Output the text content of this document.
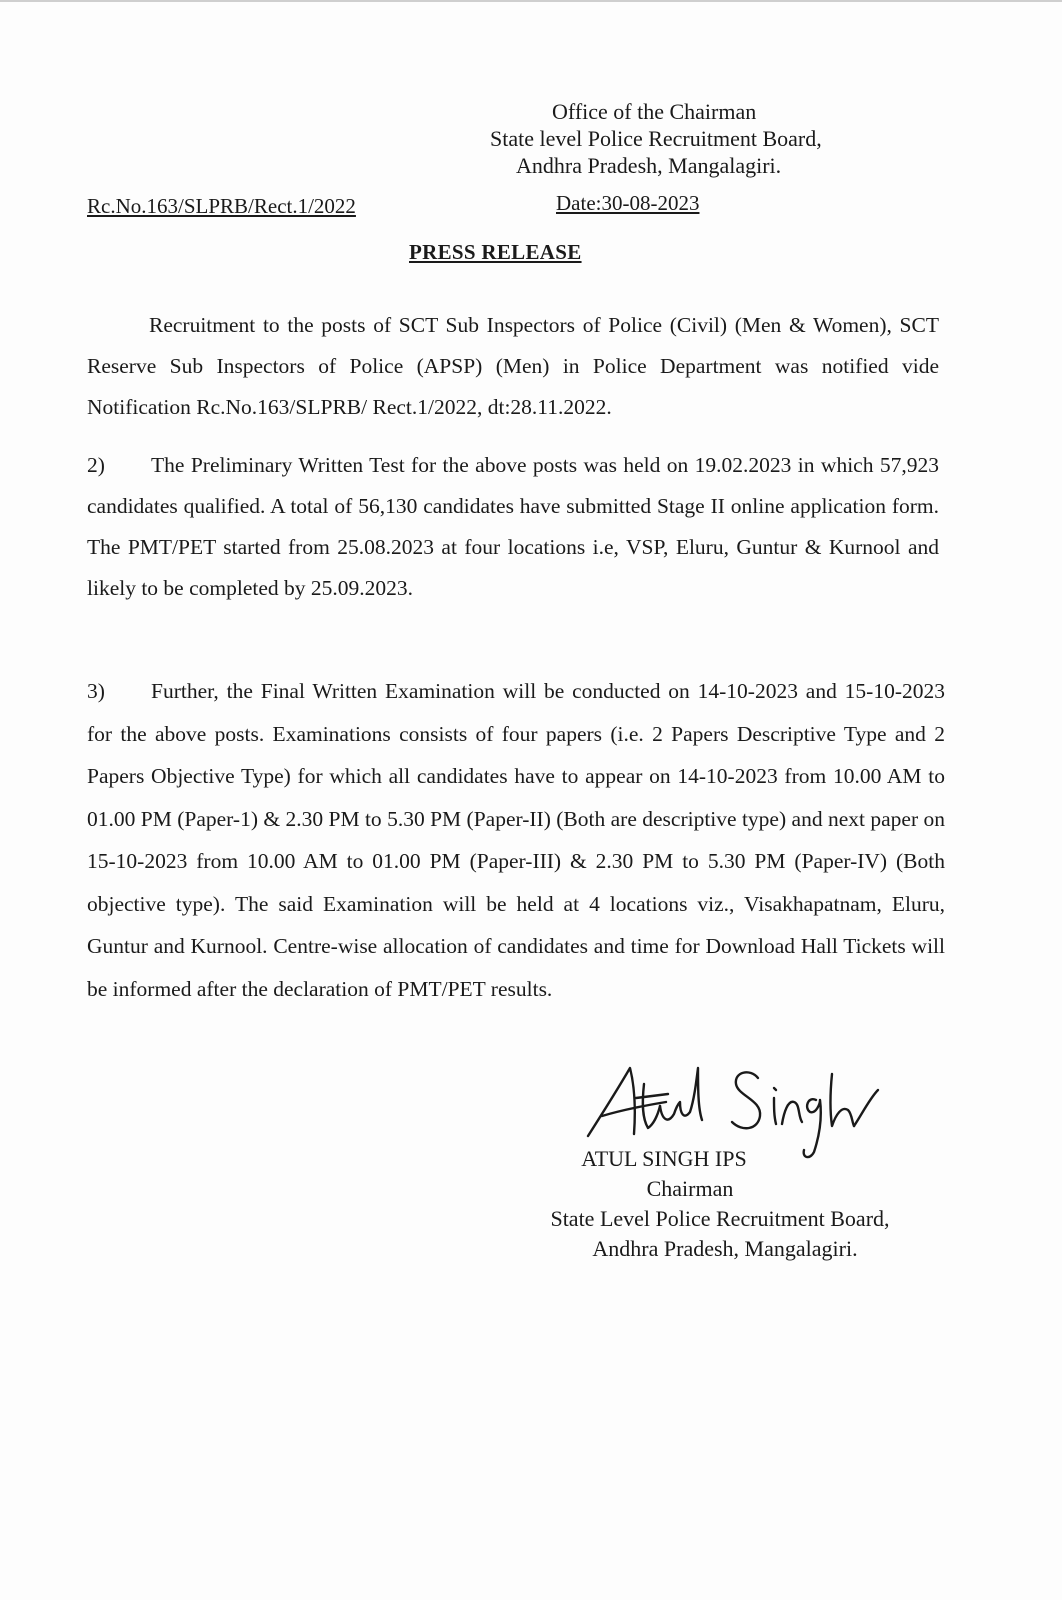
Office of the Chairman
State level Police Recruitment Board,
Andhra Pradesh, Mangalagiri.
Rc.No.163/SLPRB/Rect.1/2022	Date:30-08-2023
PRESS RELEASE
Recruitment to the posts of SCT Sub Inspectors of Police (Civil) (Men & Women), SCT Reserve Sub Inspectors of Police (APSP) (Men) in Police Department was notified vide Notification Rc.No.163/SLPRB/ Rect.1/2022, dt:28.11.2022.
2) The Preliminary Written Test for the above posts was held on 19.02.2023 in which 57,923 candidates qualified. A total of 56,130 candidates have submitted Stage II online application form. The PMT/PET started from 25.08.2023 at four locations i.e, VSP, Eluru, Guntur & Kurnool and likely to be completed by 25.09.2023.
3) Further, the Final Written Examination will be conducted on 14-10-2023 and 15-10-2023 for the above posts. Examinations consists of four papers (i.e. 2 Papers Descriptive Type and 2 Papers Objective Type) for which all candidates have to appear on 14-10-2023 from 10.00 AM to 01.00 PM (Paper-1) & 2.30 PM to 5.30 PM (Paper-II) (Both are descriptive type) and next paper on 15-10-2023 from 10.00 AM to 01.00 PM (Paper-III) & 2.30 PM to 5.30 PM (Paper-IV) (Both objective type). The said Examination will be held at 4 locations viz., Visakhapatnam, Eluru, Guntur and Kurnool. Centre-wise allocation of candidates and time for Download Hall Tickets will be informed after the declaration of PMT/PET results.
ATUL SINGH IPS
Chairman
State Level Police Recruitment Board,
Andhra Pradesh, Mangalagiri.
